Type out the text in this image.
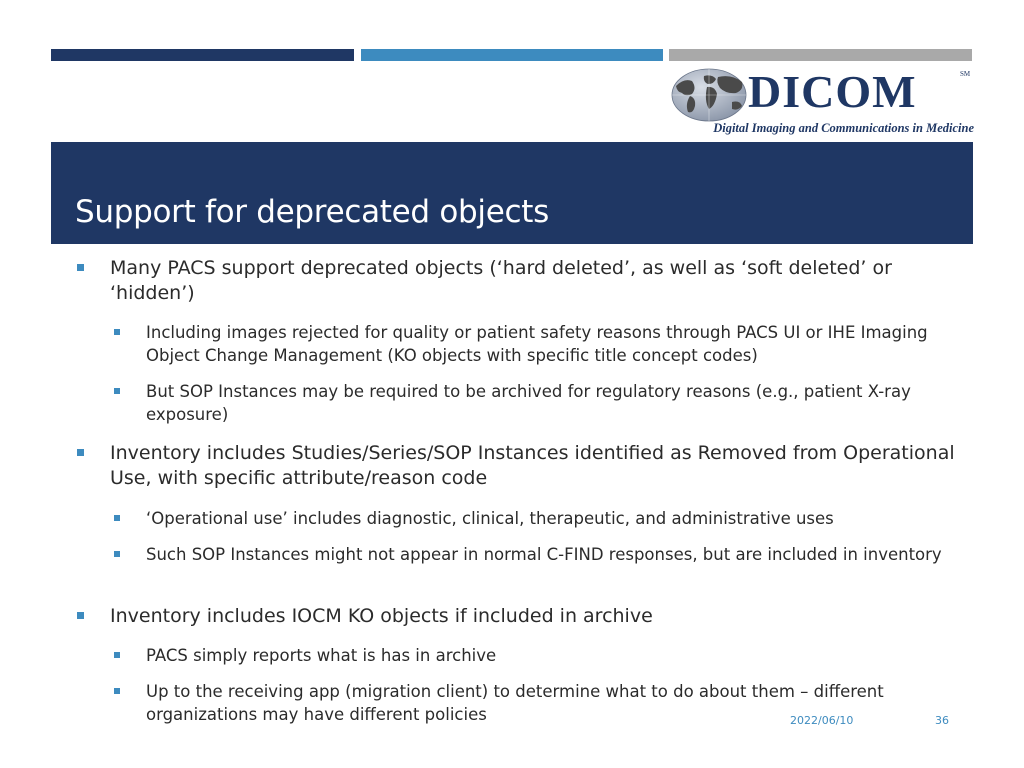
DICOM	SM
Digital Imaging and Communications in Medicine
Support for deprecated objects

Many PACS support deprecated objects (‘hard deleted’, as well as ‘soft deleted’ or ‘hidden’)

Including images rejected for quality or patient safety reasons through PACS UI or IHE Imaging Object Change Management (KO objects with specific title concept codes)

But SOP Instances may be required to be archived for regulatory reasons (e.g., patient X-ray exposure)

Inventory includes Studies/Series/SOP Instances identified as Removed from Operational Use, with specific attribute/reason code

‘Operational use’ includes diagnostic, clinical, therapeutic, and administrative uses

Such SOP Instances might not appear in normal C-FIND responses, but are included in inventory

Inventory includes IOCM KO objects if included in archive

PACS simply reports what is has in archive

Up to the receiving app (migration client) to determine what to do about them – different organizations may have different policies	2022/06/10	36
